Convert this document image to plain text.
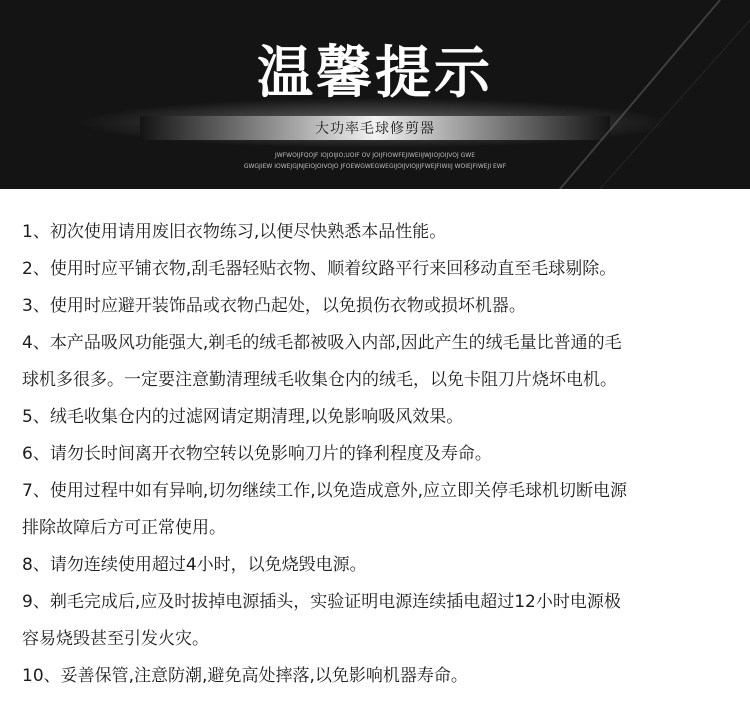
温馨提示
大功率毛球修剪器
JWFWOIJFQOJF IOJOIJIO;UOIF OV JOIJFIOWFEJIWEIIJWJIOJOIJVOJ GWE
GWGJIEW IOWEJGJNJEIOJOIVOJO JFOEWGWEGWEGIJOIJVIOJIJFWEJFIWIIJ WOIEJFIWEJI EWF
1、初次使用请用废旧衣物练习,以便尽快熟悉本品性能。
2、使用时应平铺衣物,刮毛器轻贴衣物、顺着纹路平行来回移动直至毛球剔除。
3、使用时应避开装饰品或衣物凸起处，以免损伤衣物或损坏机器。
4、本产品吸风功能强大,剃毛的绒毛都被吸入内部,因此产生的绒毛量比普通的毛
球机多很多。一定要注意勤清理绒毛收集仓内的绒毛，以免卡阻刀片烧坏电机。
5、绒毛收集仓内的过滤网请定期清理,以免影响吸风效果。
6、请勿长时间离开衣物空转以免影响刀片的锋利程度及寿命。
7、使用过程中如有异响,切勿继续工作,以免造成意外,应立即关停毛球机切断电源
排除故障后方可正常使用。
8、请勿连续使用超过4小时，以免烧毁电源。
9、剃毛完成后,应及时拔掉电源插头，实验证明电源连续插电超过12小时电源极
容易烧毁甚至引发火灾。
10、妥善保管,注意防潮,避免高处摔落,以免影响机器寿命。
